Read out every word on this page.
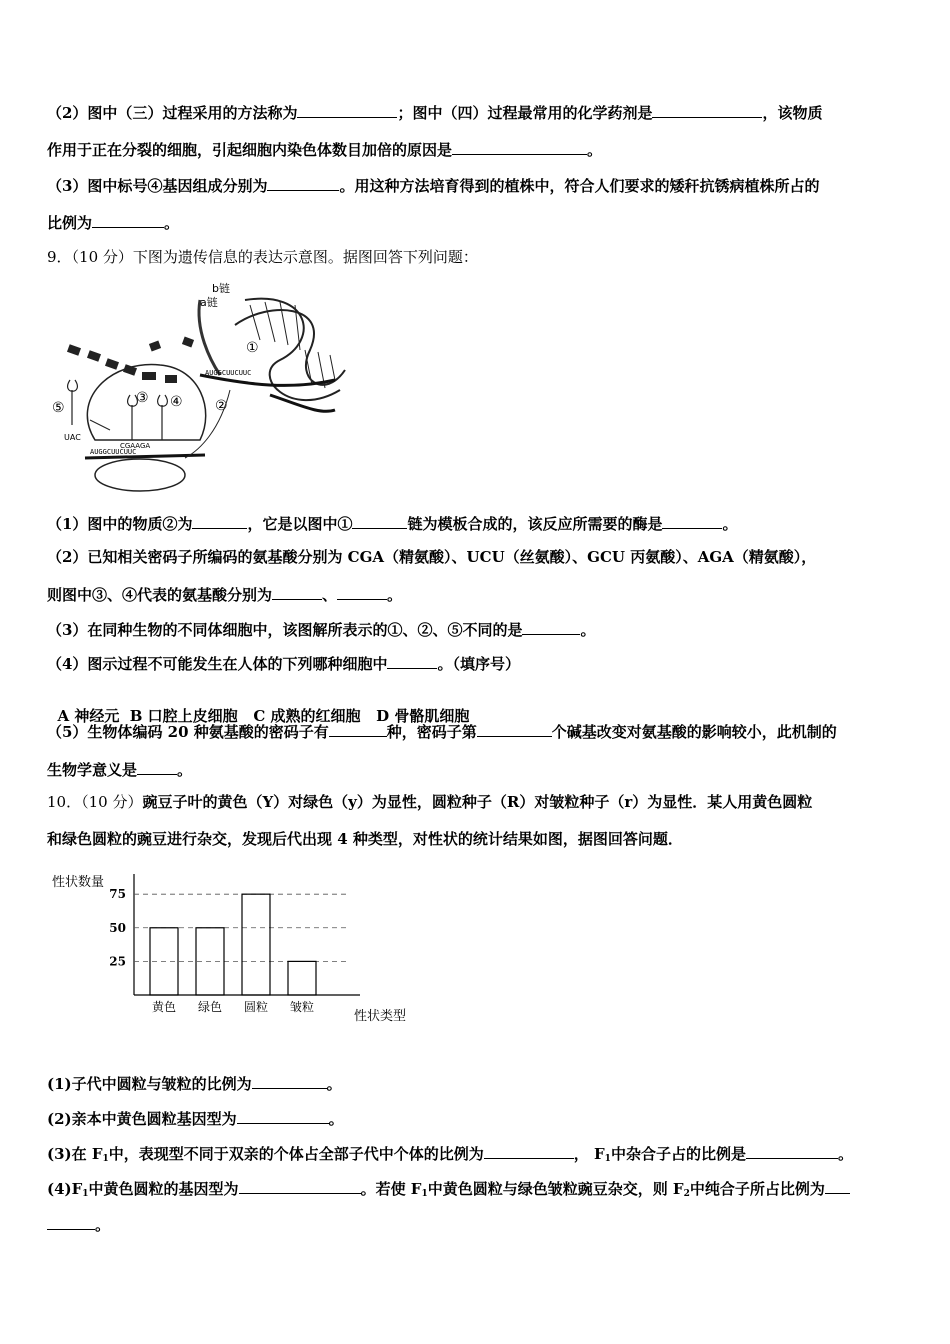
（2）图中（三）过程采用的方法称为	；图中（四）过程最常用的化学药剂是	，该物质
作用于正在分裂的细胞，引起细胞内染色体数目加倍的原因是	。
（3）图中标号④基因组成分别为	。用这种方法培育得到的植株中，符合人们要求的矮秆抗锈病植株所占的
比例为	。
9．（10 分）下图为遗传信息的表达示意图。据图回答下列问题：
AUGGCUUCUUC
AUGGCUUCUUC
UAC
CGAAGA
b链
a链
①
②
③ ④
⑤
（1）图中的物质②为	，它是以图中①	链为模板合成的，该反应所需要的酶是	。
（2）已知相关密码子所编码的氨基酸分别为 CGA（精氨酸）、UCU（丝氨酸）、GCU 丙氨酸）、AGA（精氨酸），
则图中③、④代表的氨基酸分别为	、	。
（3）在同种生物的不同体细胞中，该图解所表示的①、②、⑤不同的是	。
（4）图示过程不可能发生在人体的下列哪种细胞中	。（填序号）

A 神经元  B 口腔上皮细胞   C 成熟的红细胞   D 骨骼肌细胞

（5）生物体编码 20 种氨基酸的密码子有	种，密码子第	个碱基改变对氨基酸的影响较小，此机制的
生物学意义是	。
10．（10 分）豌豆子叶的黄色（Y）对绿色（y）为显性，圆粒种子（R）对皱粒种子（r）为显性．某人用黄色圆粒
和绿色圆粒的豌豆进行杂交，发现后代出现 4 种类型，对性状的统计结果如图，据图回答问题．
25
50
75
黄色 绿色 圆粒 皱粒
性状数量
性状类型
(1)子代中圆粒与皱粒的比例为	。
(2)亲本中黄色圆粒基因型为	。
(3)在 $F_1$中，表现型不同于双亲的个体占全部子代中个体的比例为	， $F_1$中杂合子占的比例是	。
$(4)F_1$中黄色圆粒的基因型为	。若使 $F_1$中黄色圆粒与绿色皱粒豌豆杂交，则 $F_2$中纯合子所占比例为
。
